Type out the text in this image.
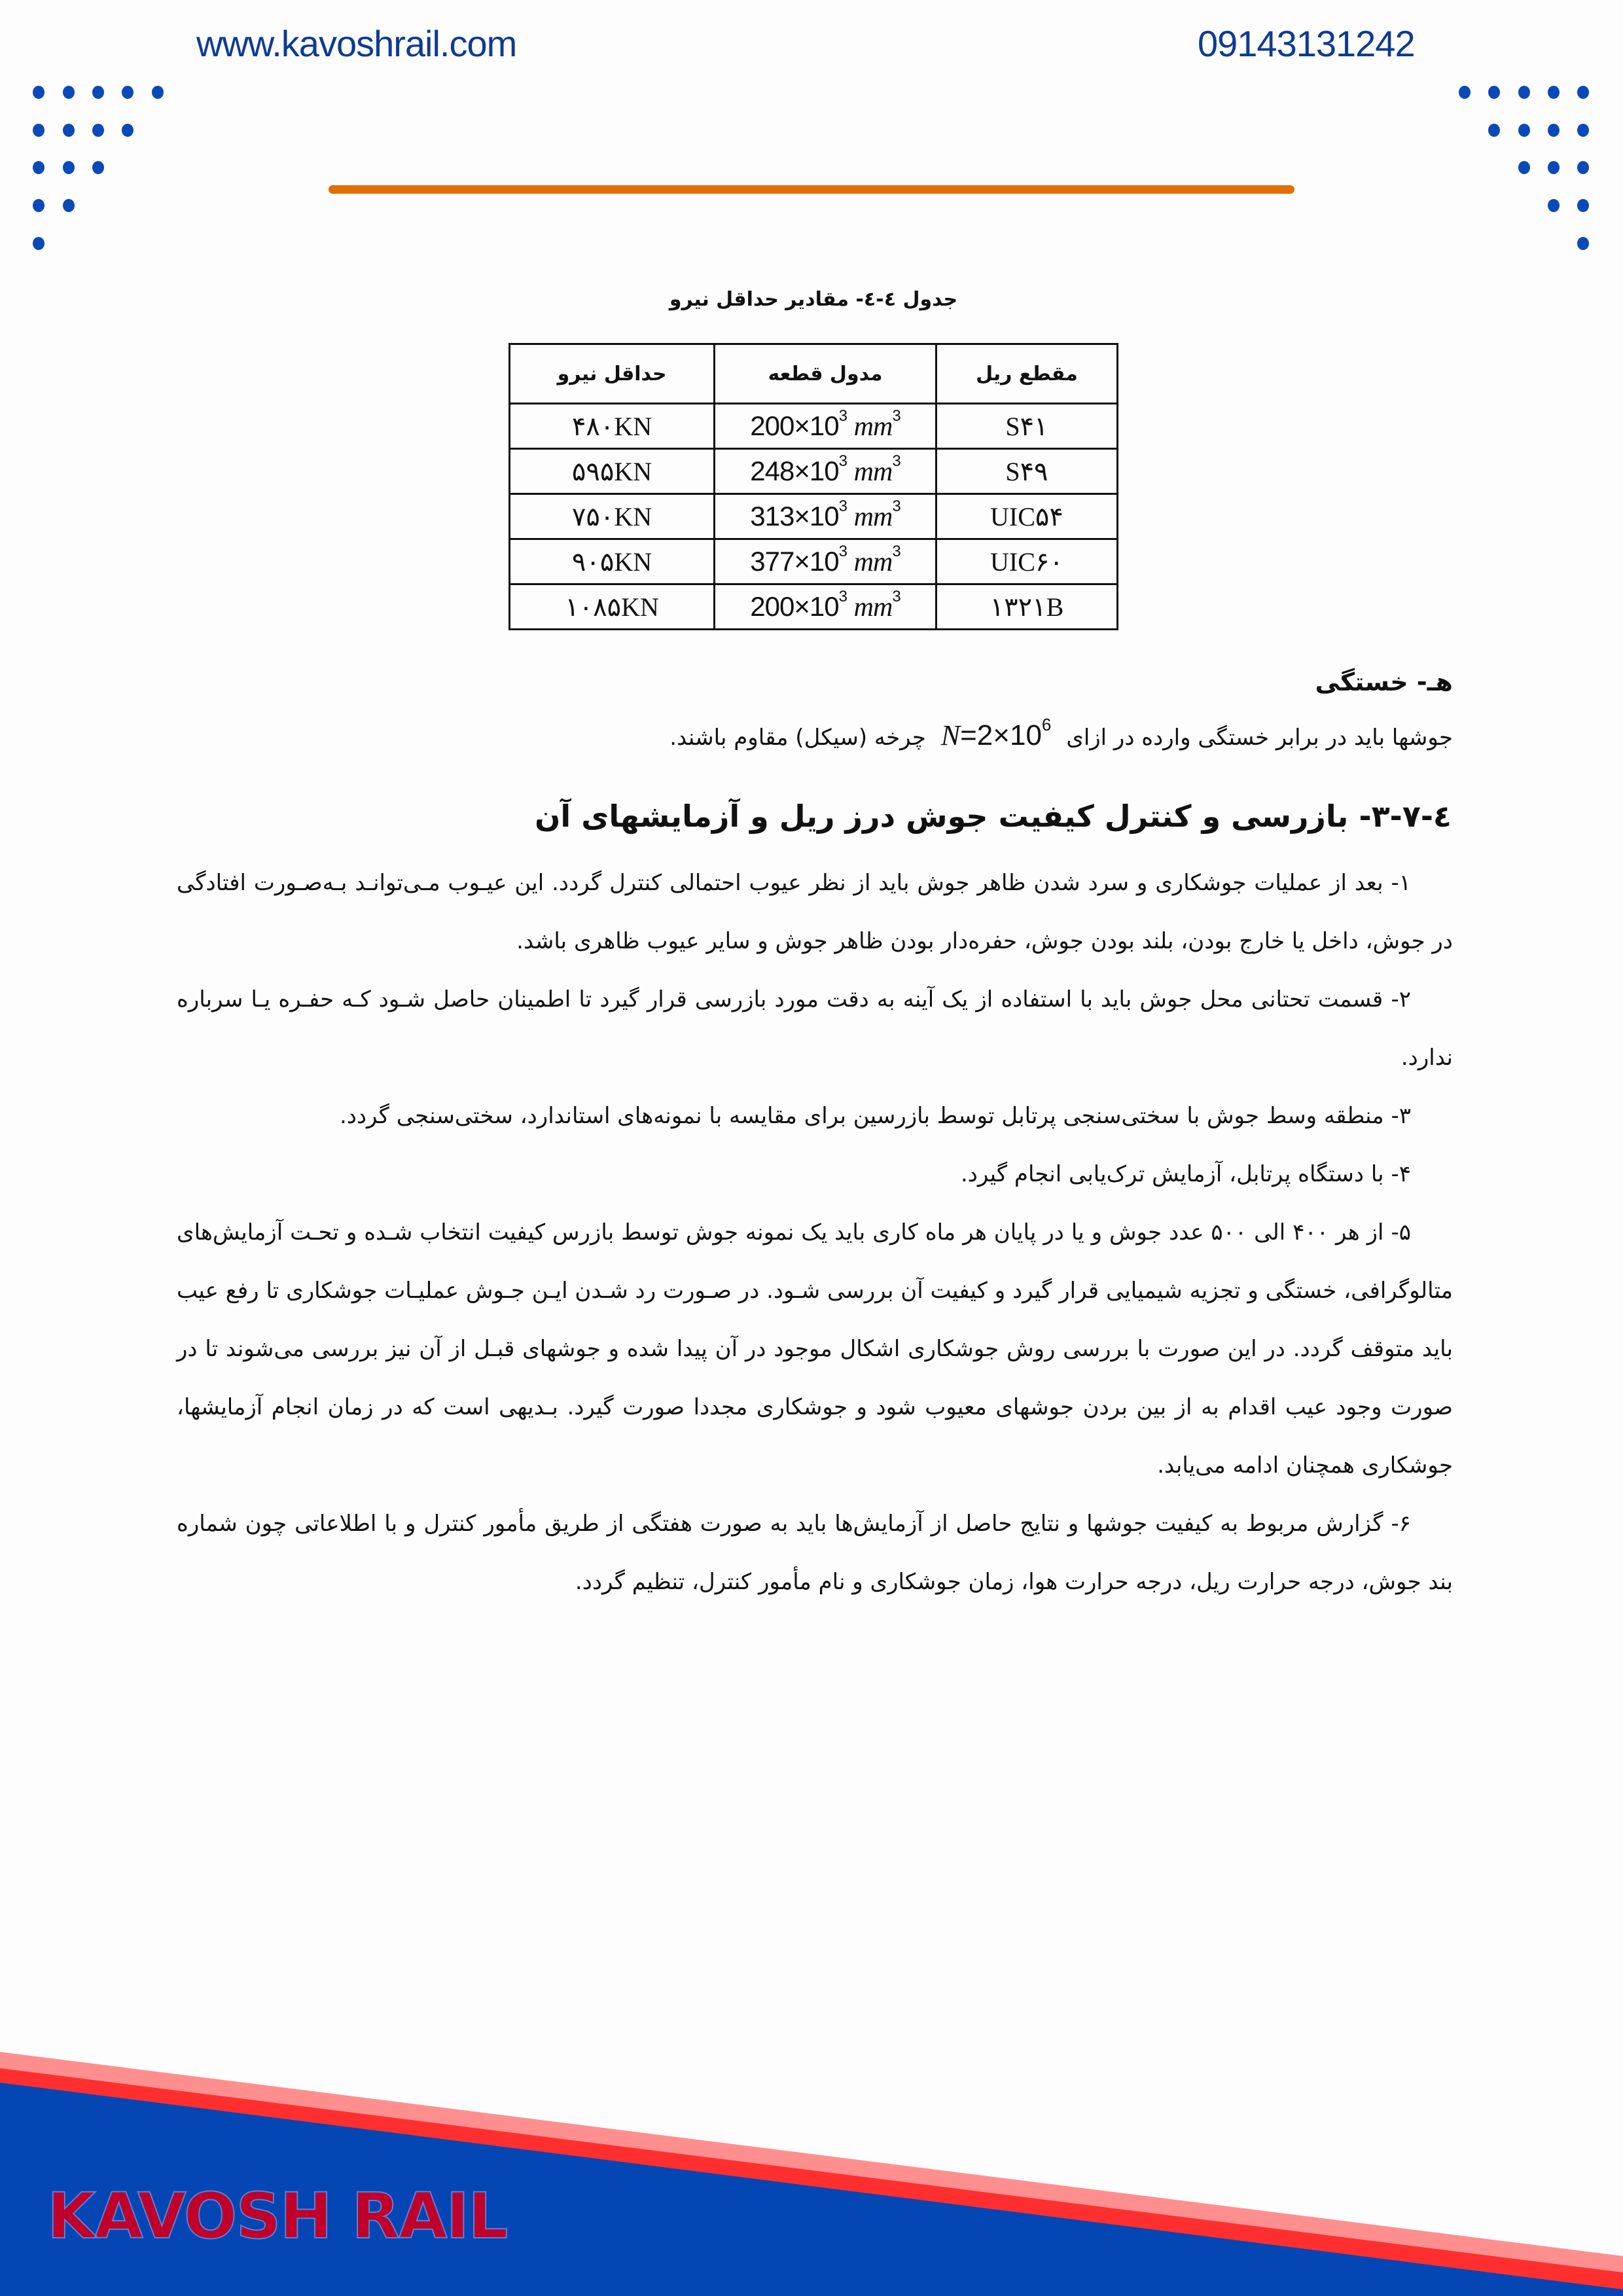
www.kavoshrail.com	09143131242
جدول ٤-٤- مقادیر حداقل نیرو
مقطع ریل	مدول قطعه	حداقل نیرو
S۴۱	$200\times 10^3$ $mm^3$	۴۸۰KN
S۴۹	$248\times 10^3$ $mm^3$	۵۹۵KN
UIC۵۴	$313\times 10^3$ $mm^3$	۷۵۰KN
UIC۶۰	$377\times 10^3$ $mm^3$	۹۰۵KN
۱۳۲۱B	$200\times 10^3$ $mm^3$	۱۰۸۵KN
هـ- خستگی
جوشها باید در برابر خستگی وارده در ازای $N=2\times 10^6$ چرخه (سیکل) مقاوم باشند.
٤-٧-٣- بازرسی و کنترل کیفیت جوش درز ریل و آزمایشهای آن

۱- بعد از عملیات جوشکاری و سرد شدن ظاهر جوش باید از نظر عیوب احتمالی کنترل گردد. این عیـوب مـی‌توانـد بـه‌صـورت افتادگی در جوش، داخل یا خارج بودن، بلند بودن جوش، حفره‌دار بودن ظاهر جوش و سایر عیوب ظاهری باشد.

۲- قسمت تحتانی محل جوش باید با استفاده از یک آینه به دقت مورد بازرسی قرار گیرد تا اطمینان حاصل شـود کـه حفـره یـا سرباره ندارد.

۳- منطقه وسط جوش با سختی‌سنجی پرتابل توسط بازرسین برای مقایسه با نمونه‌های استاندارد، سختی‌سنجی گردد.

۴- با دستگاه پرتابل، آزمایش ترک‌یابی انجام گیرد.

۵- از هر ۴۰۰ الی ۵۰۰ عدد جوش و یا در پایان هر ماه کاری باید یک نمونه جوش توسط بازرس کیفیت انتخاب شـده و تحـت آزمایش‌های متالوگرافی، خستگی و تجزیه شیمیایی قرار گیرد و کیفیت آن بررسی شـود. در صـورت رد شـدن ایـن جـوش عملیـات جوشکاری تا رفع عیب باید متوقف گردد. در این صورت با بررسی روش جوشکاری اشکال موجود در آن پیدا شده و جوشهای قبـل از آن نیز بررسی می‌شوند تا در صورت وجود عیب اقدام به از بین بردن جوشهای معیوب شود و جوشکاری مجددا صورت گیرد. بـدیهی است که در زمان انجام آزمایشها، جوشکاری همچنان ادامه می‌یابد.

۶- گزارش مربوط به کیفیت جوشها و نتایج حاصل از آزمایش‌ها باید به صورت هفتگی از طریق مأمور کنترل و با اطلاعاتی چون شماره بند جوش، درجه حرارت ریل، درجه حرارت هوا، زمان جوشکاری و نام مأمور کنترل، تنظیم گردد.

KAVOSH RAIL
